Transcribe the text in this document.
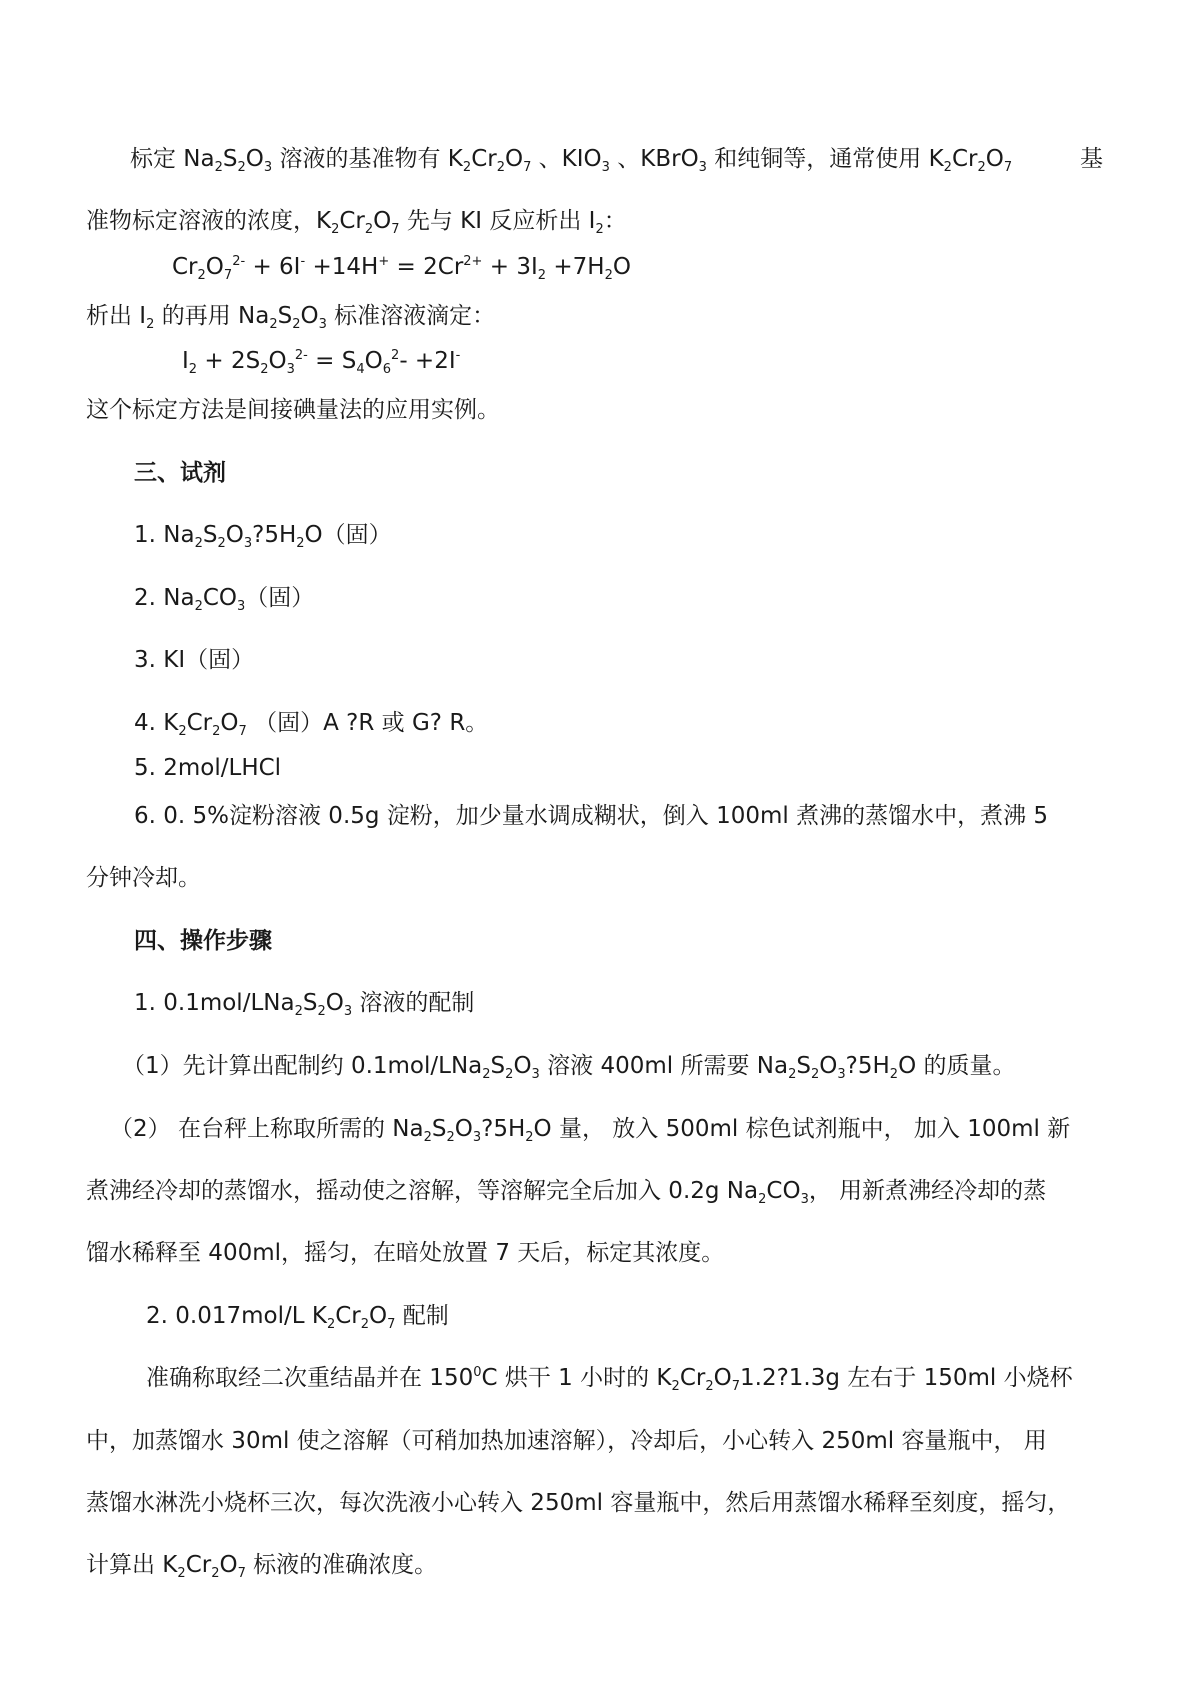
标定 $Na_2S_2O_3$ 溶液的基准物有 $K_2Cr_2O_7$ 、$KIO_3$ 、KBrO$_3$ 和纯铜等，通常使用 $K_2Cr_2O_7$	基
准物标定溶液的浓度，$K_2Cr_2O_7$ 先与 KI 反应析出 $I_2$：
$Cr_2O_7^{2-} + 6I^- +14H^+ = 2Cr^{2+} + 3I_2 +7H_2O$
析出 $I_2$ 的再用 $Na_2S_2O_3$ 标准溶液滴定：
$I_2 + 2S_2O_3^{2-} = S_4O_6^2- +2I^-$
这个标定方法是间接碘量法的应用实例。
三、试剂
1. $Na_2S_2O_3?5H_2O$（固）
2. $Na_2CO_3$（固）
3. KI（固）
4. $K_2Cr_2O_7$ （固）A ?R 或 G? R。
5. 2mol/LHCl
6. 0. 5%淀粉溶液 0.5g 淀粉，加少量水调成糊状，倒入 100ml 煮沸的蒸馏水中，煮沸 5
分钟冷却。
四、操作步骤
1. $0.1mol/LNa_2S_2O_3$ 溶液的配制
（1）先计算出配制约 $0.1mol/LNa_2S_2O_3$ 溶液 400ml 所需要 $Na_2S_2O_3?5H_2O$ 的质量。
（2） 在台秤上称取所需的 $Na_2S_2O_3?5H_2O$ 量， 放入 500ml 棕色试剂瓶中， 加入 100ml 新
煮沸经冷却的蒸馏水，摇动使之溶解，等溶解完全后加入 0.2g $Na_2CO_3$， 用新煮沸经冷却的蒸
馏水稀释至 400ml，摇匀，在暗处放置 7 天后，标定其浓度。
2. 0.017mol/L $K_2Cr_2O_7$ 配制
准确称取经二次重结晶并在 $150^0C$ 烘干 1 小时的 $K_2Cr_2O_71.2?1.3g$ 左右于 150ml 小烧杯
中，加蒸馏水 30ml 使之溶解（可稍加热加速溶解），冷却后，小心转入 250ml 容量瓶中， 用
蒸馏水淋洗小烧杯三次，每次洗液小心转入 250ml 容量瓶中，然后用蒸馏水稀释至刻度，摇匀，
计算出 $K_2Cr_2O_7$ 标液的准确浓度。
